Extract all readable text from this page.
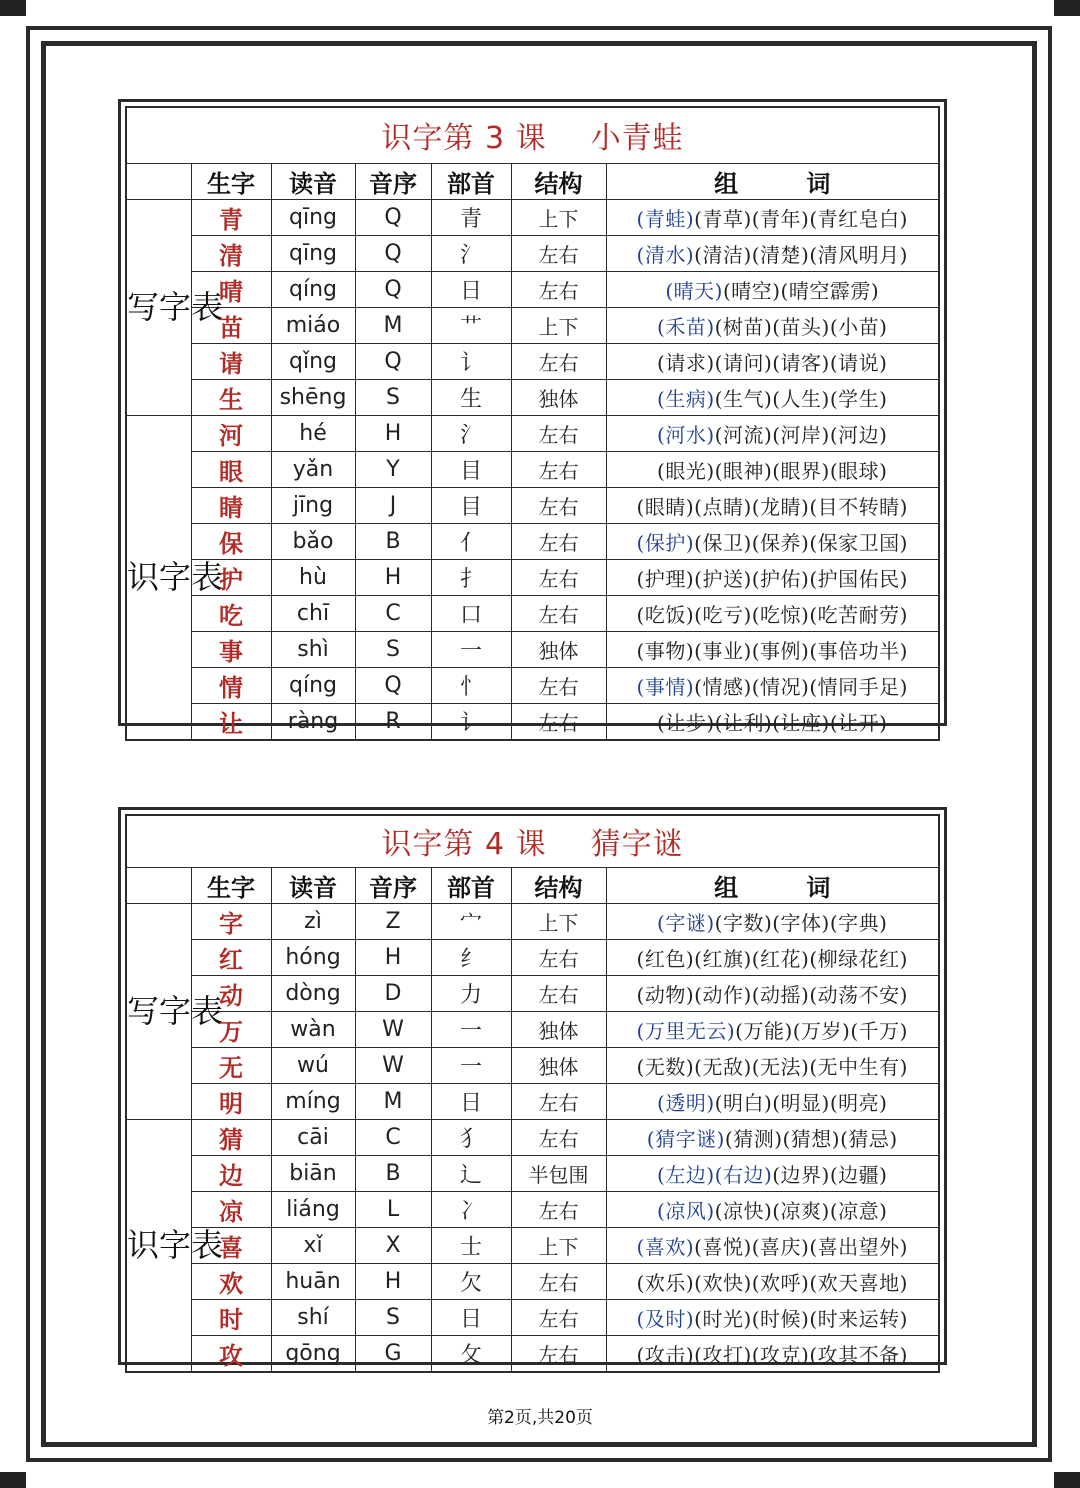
识字第 3 课 小青蛙						
	生字	读音	音序	部首	结构	组 词
写字表	青	qīng	Q	青	上下	(青蛙)(青草)(青年)(青红皂白)
	清	qīng	Q	氵	左右	(清水)(清洁)(清楚)(清风明月)
	晴	qíng	Q	日	左右	(晴天)(晴空)(晴空霹雳)
	苗	miáo	M	艹	上下	(禾苗)(树苗)(苗头)(小苗)
	请	qǐng	Q	讠	左右	(请求)(请问)(请客)(请说)
	生	shēng	S	生	独体	(生病)(生气)(人生)(学生)
识字表	河	hé	H	氵	左右	(河水)(河流)(河岸)(河边)
	眼	yǎn	Y	目	左右	(眼光)(眼神)(眼界)(眼球)
	睛	jīng	J	目	左右	(眼睛)(点睛)(龙睛)(目不转睛)
	保	bǎo	B	亻	左右	(保护)(保卫)(保养)(保家卫国)
	护	hù	H	扌	左右	(护理)(护送)(护佑)(护国佑民)
	吃	chī	C	口	左右	(吃饭)(吃亏)(吃惊)(吃苦耐劳)
	事	shì	S	一	独体	(事物)(事业)(事例)(事倍功半)
	情	qíng	Q	忄	左右	(事情)(情感)(情况)(情同手足)
	让	ràng	R	讠	左右	(让步)(让利)(让座)(让开)
识字第 4 课 猜字谜						
	生字	读音	音序	部首	结构	组 词
写字表	字	zì	Z	宀	上下	(字谜)(字数)(字体)(字典)
	红	hóng	H	纟	左右	(红色)(红旗)(红花)(柳绿花红)
	动	dòng	D	力	左右	(动物)(动作)(动摇)(动荡不安)
	万	wàn	W	一	独体	(万里无云)(万能)(万岁)(千万)
	无	wú	W	一	独体	(无数)(无敌)(无法)(无中生有)
	明	míng	M	日	左右	(透明)(明白)(明显)(明亮)
识字表	猜	cāi	C	犭	左右	(猜字谜)(猜测)(猜想)(猜忌)
	边	biān	B	辶	半包围	(左边)(右边)(边界)(边疆)
	凉	liáng	L	冫	左右	(凉风)(凉快)(凉爽)(凉意)
	喜	xǐ	X	士	上下	(喜欢)(喜悦)(喜庆)(喜出望外)
	欢	huān	H	欠	左右	(欢乐)(欢快)(欢呼)(欢天喜地)
	时	shí	S	日	左右	(及时)(时光)(时候)(时来运转)
	攻	gōng	G	攵	左右	(攻击)(攻打)(攻克)(攻其不备)
第2页,共20页
